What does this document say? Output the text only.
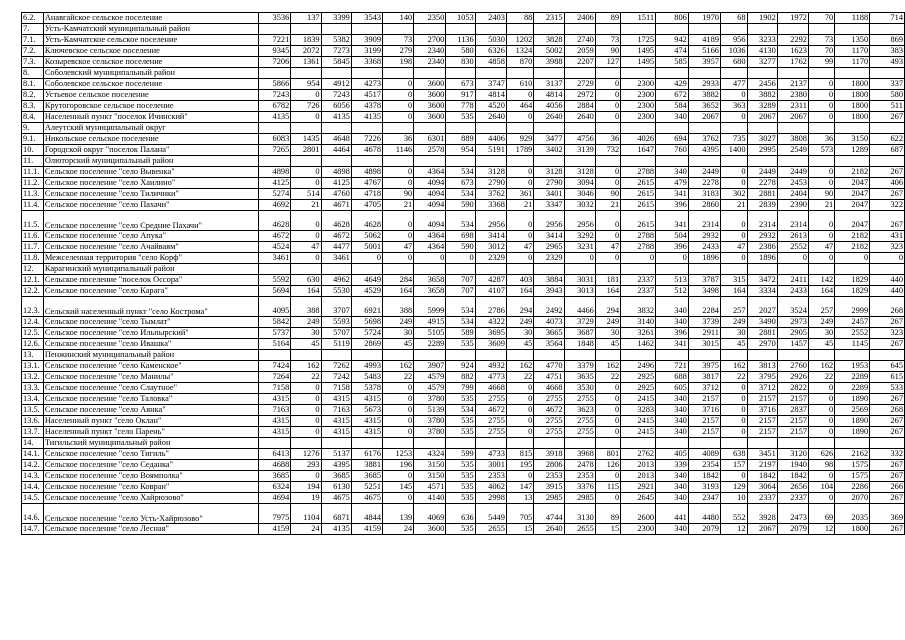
6.2.	Анавгайское сельское поселение	3536	137	3399	3543	140	2350	1053	2403	88	2315	2406	89	1511	806	1970	68	1902	1972	70	1188	714
7.	Усть-Камчатский муниципальный район																					
7.1.	Усть-Камчатское сельское поселение	7221	1839	5382	3909	73	2700	1136	5030	1202	3828	2740	73	1725	942	4189	956	3233	2292	73	1350	869
7.2.	Ключевское сельское поселение	9345	2072	7273	3199	279	2340	580	6326	1324	5002	2059	90	1495	474	5166	1036	4130	1623	70	1170	383
7.3.	Козыревское сельское поселение	7206	1361	5845	3368	198	2340	830	4858	870	3988	2207	127	1495	585	3957	680	3277	1762	99	1170	493
8.	Соболевский муниципальный район																					
8.1.	Соболевское сельское поселение	5866	954	4912	4273	0	3600	673	3747	610	3137	2729	0	2300	429	2933	477	2456	2137	0	1800	337
8.2.	Устьевое сельское поселение	7243	0	7243	4517	0	3600	917	4814	0	4814	2972	0	2300	672	3882	0	3882	2380	0	1800	580
8.3.	Крутогоровское сельское поселение	6782	726	6056	4378	0	3600	778	4520	464	4056	2884	0	2300	584	3652	363	3289	2311	0	1800	511
8.4.	Населенный пункт "поселок Ичинский"	4135	0	4135	4135	0	3600	535	2640	0	2640	2640	0	2300	340	2067	0	2067	2067	0	1800	267
9.	Алеутский муниципальный округ																					
9.1.	Никольское сельское поселение	6083	1435	4648	7226	36	6301	889	4406	929	3477	4756	36	4026	694	3762	735	3027	3808	36	3150	622
10.	Городской округ "поселок Палана"	7265	2801	4464	4678	1146	2578	954	5191	1789	3402	3139	732	1647	760	4395	1400	2995	2549	573	1289	687
11.	Олюторский муниципальный район																					
11.1.	Сельское поселение "село Вывенка"	4898	0	4898	4898	0	4364	534	3128	0	3128	3128	0	2788	340	2449	0	2449	2449	0	2182	267
11.2.	Сельское поселение "село Хаилино"	4125	0	4125	4767	0	4094	673	2790	0	2790	3094	0	2615	479	2278	0	2278	2453	0	2047	406
11.3.	Сельское поселение "село Тиличики"	5274	514	4760	4718	90	4094	534	3762	361	3401	3046	90	2615	341	3183	302	2881	2404	90	2047	267
11.4.	Сельское поселение "село Пахачи"	4692	21	4671	4705	21	4094	590	3368	21	3347	3032	21	2615	396	2860	21	2839	2390	21	2047	322
11.5.	Сельское поселение "село Средние Пахачи"	4628	0	4628	4628	0	4094	534	2956	0	2956	2956	0	2615	341	2314	0	2314	2314	0	2047	267
11.6.	Сельское поселение "село Апука"	4672	0	4672	5062	0	4364	698	3414	0	3414	3292	0	2788	504	2932	0	2932	2613	0	2182	431
11.7.	Сельское поселение "село Ачайваям"	4524	47	4477	5001	47	4364	590	3012	47	2965	3231	47	2788	396	2433	47	2386	2552	47	2182	323
11.8.	Межселенная территория "село Корф"	3461	0	3461	0	0	0	0	2329	0	2329	0	0	0	0	1896	0	1896	0	0	0	0
12.	Карагинский муниципальный район																					
12.1.	Сельское поселение "поселок Оссора"	5592	630	4962	4649	284	3658	707	4287	403	3884	3031	181	2337	513	3787	315	3472	2411	142	1829	440
12.2.	Сельское поселение "село Карага"	5694	164	5530	4529	164	3658	707	4107	164	3943	3013	164	2337	512	3498	164	3334	2433	164	1829	440
12.3.	Сельский населенный пункт "село Кострома"	4095	388	3707	6921	388	5999	534	2786	294	2492	4466	294	3832	340	2284	257	2027	3524	257	2999	268
12.4.	Сельское поселение "село Тымлат"	5842	249	5593	5698	249	4915	534	4322	249	4073	3729	249	3140	340	3739	249	3490	2973	249	2457	267
12.5.	Сельское поселение "село Ильпырский"	5737	30	5707	5724	30	5105	589	3695	30	3665	3687	30	3261	396	2911	30	2881	2905	30	2552	323
12.6.	Сельское поселение "село Ивашка"	5164	45	5119	2869	45	2289	535	3609	45	3564	1848	45	1462	341	3015	45	2970	1457	45	1145	267
13.	Пенжинский муниципальный район																					
13.1.	Сельское поселение "село Каменское"	7424	162	7262	4993	162	3907	924	4932	162	4770	3379	162	2496	721	3975	162	3813	2760	162	1953	645
13.2.	Сельское поселение "село Манилы"	7264	22	7242	5483	22	4579	882	4773	22	4751	3635	22	2925	688	3817	22	3795	2926	22	2289	615
13.3.	Сельское поселение "село Слаутное"	7158	0	7158	5378	0	4579	799	4668	0	4668	3530	0	2925	605	3712	0	3712	2822	0	2289	533
13.4.	Сельское поселение "село Таловка"	4315	0	4315	4315	0	3780	535	2755	0	2755	2755	0	2415	340	2157	0	2157	2157	0	1890	267
13.5.	Сельское поселение "село Аянка"	7163	0	7163	5673	0	5139	534	4672	0	4672	3623	0	3283	340	3716	0	3716	2837	0	2569	268
13.6.	Населенный пункт "село Оклан"	4315	0	4315	4315	0	3780	535	2755	0	2755	2755	0	2415	340	2157	0	2157	2157	0	1890	267
13.7.	Населенный пункт "село Парень"	4315	0	4315	4315	0	3780	535	2755	0	2755	2755	0	2415	340	2157	0	2157	2157	0	1890	267
14.	Тигильский муниципальный район																					
14.1.	Сельское поселение "село Тигиль"	6413	1276	5137	6176	1253	4324	599	4733	815	3918	3968	801	2762	405	4089	638	3451	3120	626	2162	332
14.2.	Сельское поселение "село Седанка"	4688	293	4395	3881	196	3150	535	3001	195	2806	2478	126	2013	339	2354	157	2197	1940	98	1575	267
14.3.	Сельское поселение "село Воямполка"	3685	0	3685	3685	0	3150	535	2353	0	2353	2353	0	2013	340	1842	0	1842	1842	0	1575	267
14.4.	Сельское поселение "село Ковран"	6324	194	6130	5251	145	4571	535	4062	147	3915	3376	115	2921	340	3193	129	3064	2656	104	2286	266
14.5.	Сельское поселение "село Хайрюзово"	4694	19	4675	4675	0	4140	535	2998	13	2985	2985	0	2645	340	2347	10	2337	2337	0	2070	267
14.6.	Сельское поселение "село Усть-Хайрюзово"	7975	1104	6871	4844	139	4069	636	5449	705	4744	3130	89	2600	441	4480	552	3928	2473	69	2035	369
14.7.	Сельское поселение "село Лесная"	4159	24	4135	4159	24	3600	535	2655	15	2640	2655	15	2300	340	2079	12	2067	2079	12	1800	267
